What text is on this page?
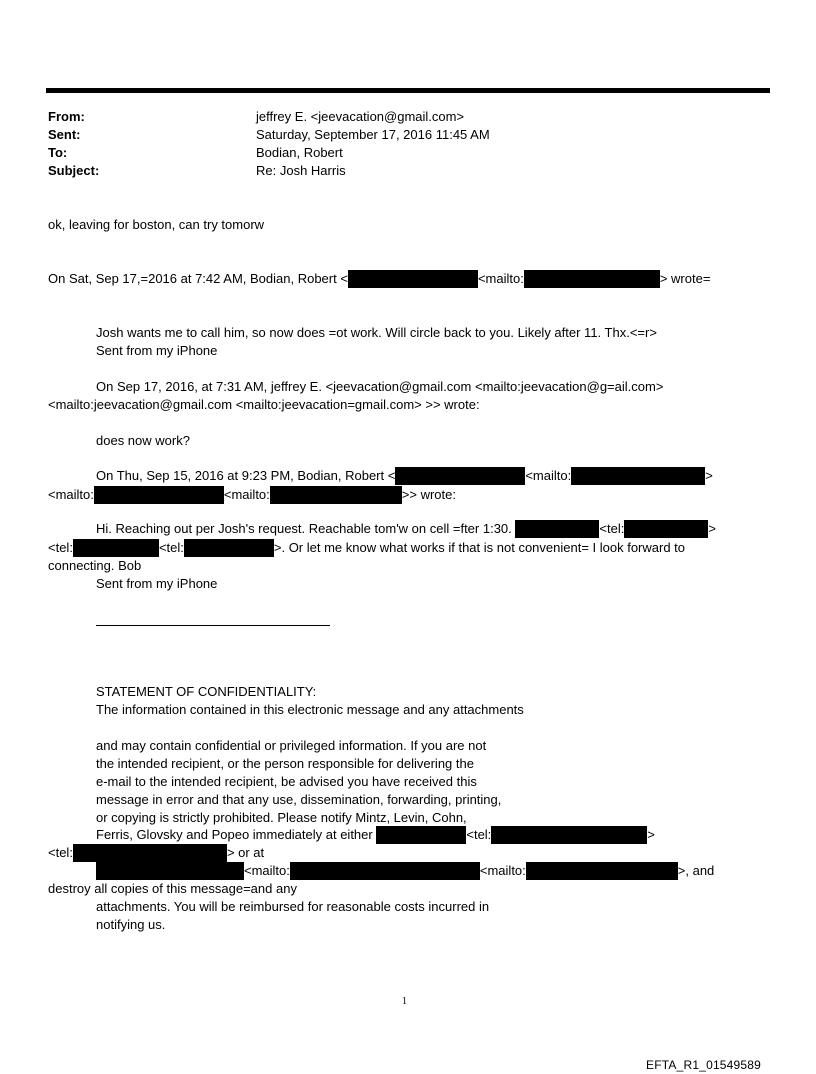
From:	jeffrey E. <jeevacation@gmail.com>
Sent:	Saturday, September 17, 2016 11:45 AM
To:	Bodian, Robert
Subject:	Re: Josh Harris
ok, leaving for boston, can try tomorw
On Sat, Sep 17,=2016 at 7:42 AM, Bodian, Robert <	<mailto:	> wrote=
Josh wants me to call him, so now does =ot work. Will circle back to you. Likely after 11. Thx.<=r>
Sent from my iPhone
On Sep 17, 2016, at 7:31 AM, jeffrey E. <jeevacation@gmail.com <mailto:jeevacation@g=ail.com>
<mailto:jeevacation@gmail.com <mailto:jeevacation=gmail.com> >> wrote:
does now work?
On Thu, Sep 15, 2016 at 9:23 PM, Bodian, Robert <	<mailto:	>
<mailto:	<mailto:	>> wrote:
Hi. Reaching out per Josh's request. Reachable tom'w on cell =fter 1:30.	<tel:	>
<tel:	<tel:	>. Or let me know what works if that is not convenient= I look forward to
connecting. Bob
Sent from my iPhone
STATEMENT OF CONFIDENTIALITY:
The information contained in this electronic message and any attachments
and may contain confidential or privileged information. If you are not
the intended recipient, or the person responsible for delivering the
e-mail to the intended recipient, be advised you have received this
message in error and that any use, dissemination, forwarding, printing,
or copying is strictly prohibited. Please notify Mintz, Levin, Cohn,
Ferris, Glovsky and Popeo immediately at either	<tel:	>
<tel:	> or at
<mailto:	<mailto:	>, and
destroy all copies of this message=and any
attachments. You will be reimbursed for reasonable costs incurred in
notifying us.
1
EFTA_R1_01549589
